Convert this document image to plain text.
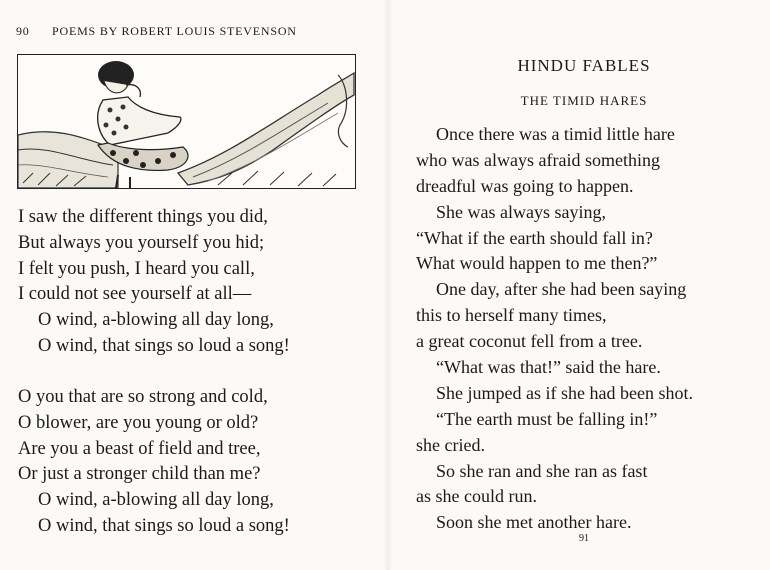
90 POEMS BY ROBERT LOUIS STEVENSON
I saw the different things you did,
But always you yourself you hid;
I felt you push, I heard you call,
I could not see yourself at all—
O wind, a-blowing all day long,
O wind, that sings so loud a song!
O you that are so strong and cold,
O blower, are you young or old?
Are you a beast of field and tree,
Or just a stronger child than me?
O wind, a-blowing all day long,
O wind, that sings so loud a song!
HINDU FABLES
THE TIMID HARES
Once there was a timid little hare
who was always afraid something
dreadful was going to happen.
She was always saying,
“What if the earth should fall in?
What would happen to me then?”
One day, after she had been saying
this to herself many times,
a great coconut fell from a tree.
“What was that!” said the hare.
She jumped as if she had been shot.
“The earth must be falling in!”
she cried.
So she ran and she ran as fast
as she could run.
Soon she met another hare.
91
